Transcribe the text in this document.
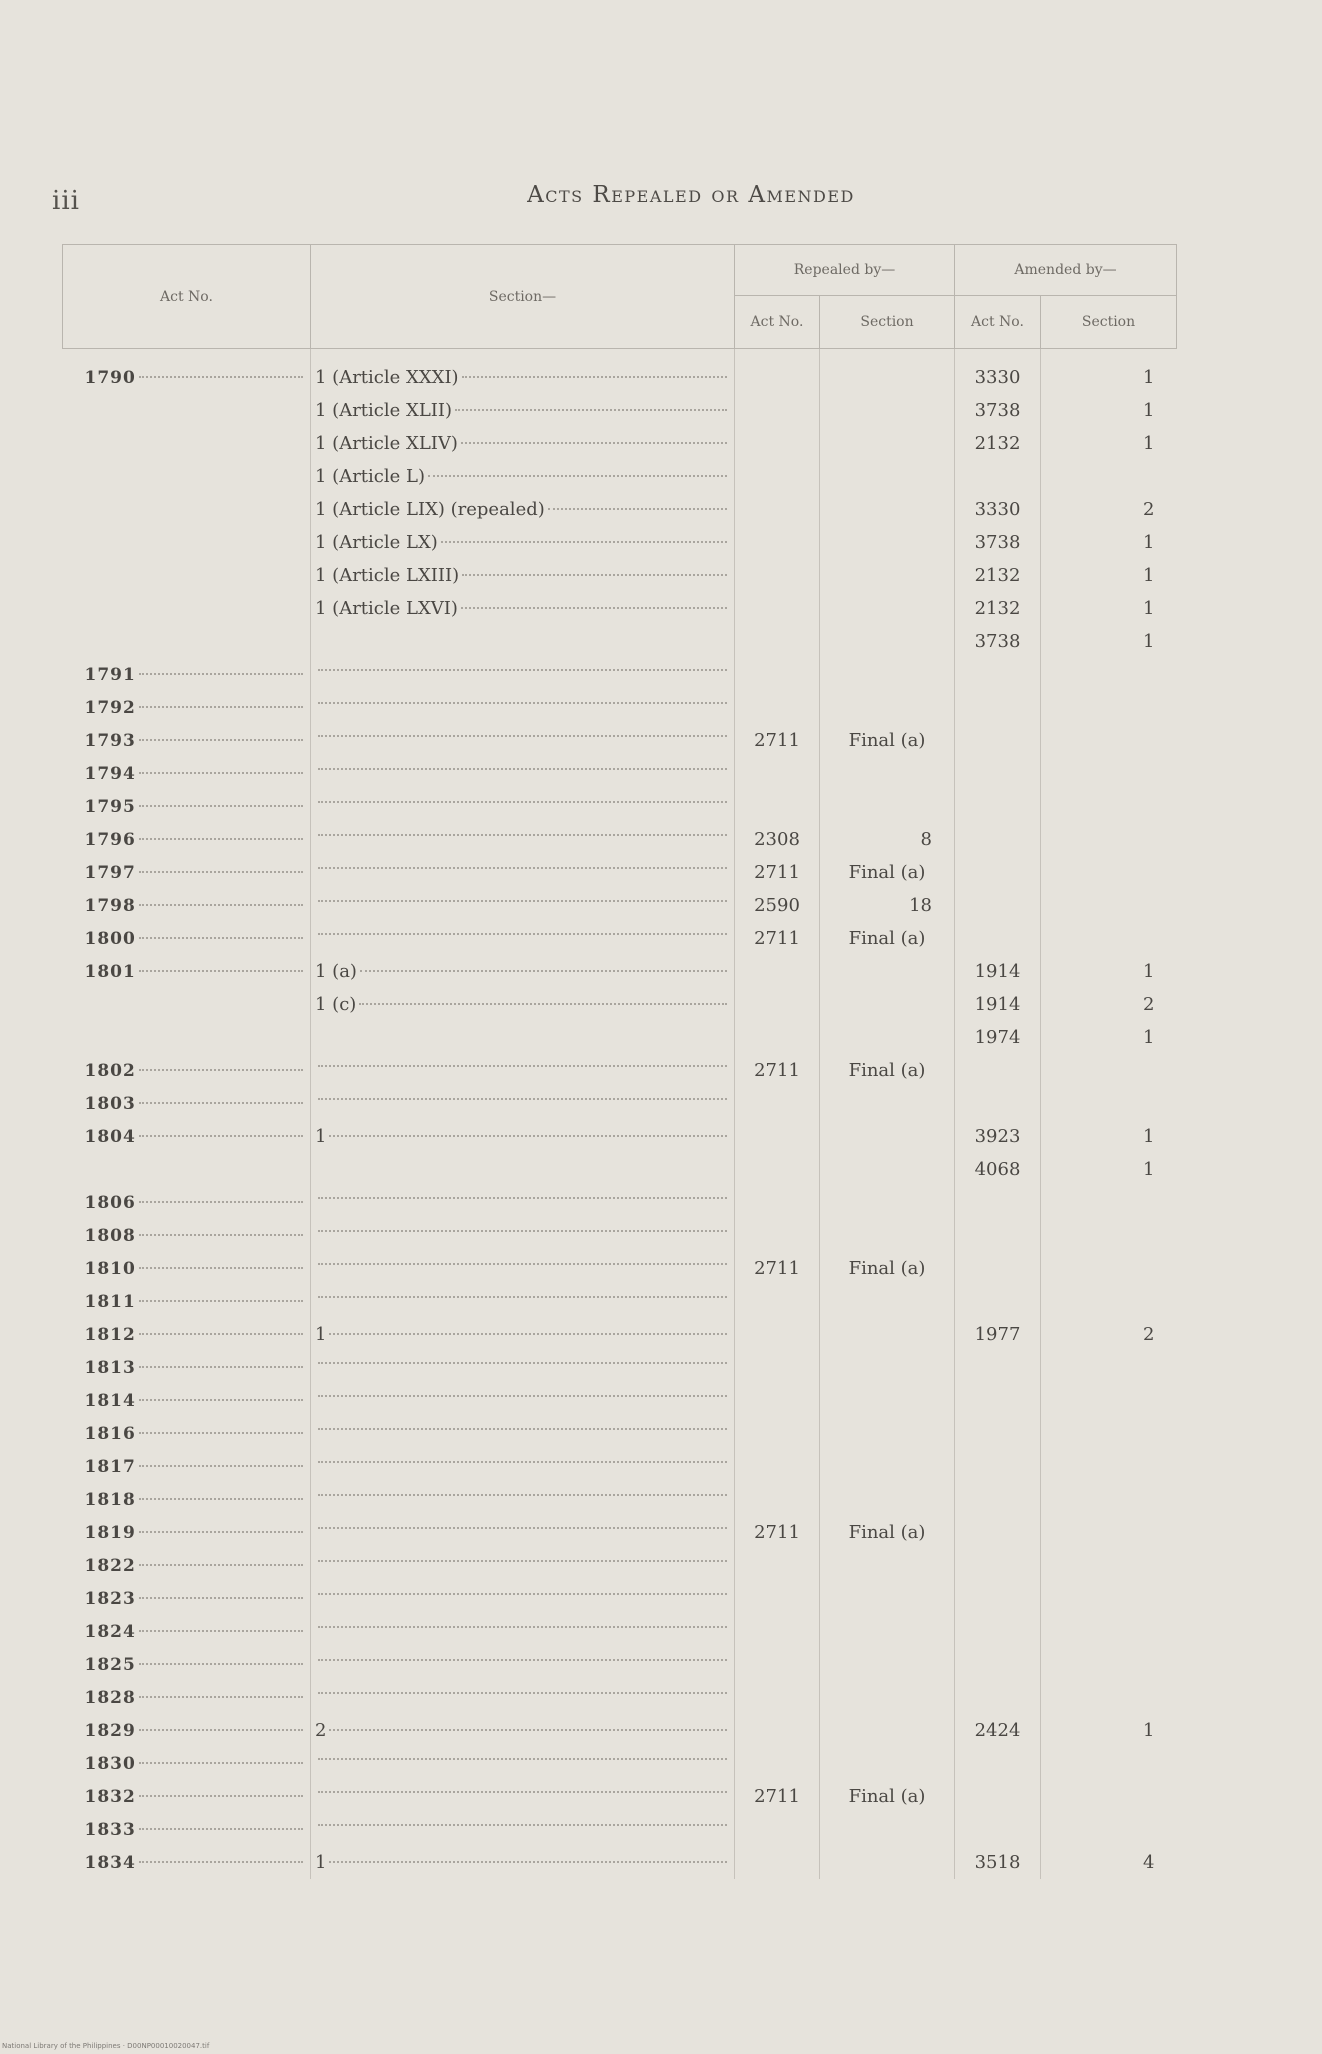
iii	Acts Repealed or Amended
Act No.	Section—	Repealed by—		Amended by—	
		Act No.	Section	Act No.	Section

1790	1 (Article XXXI)			3330	1

	1 (Article XLII)			3738	1

	1 (Article XLIV)			2132	1

	1 (Article L)				

	1 (Article LIX) (repealed)			3330	2

	1 (Article LX)			3738	1

	1 (Article LXIII)			2132	1

	1 (Article LXVI)			2132	1
				3738	1

1791					

1792					

1793		2711	Final (a)		

1794					

1795					

1796		2308	8		

1797		2711	Final (a)		

1798		2590	18		

1800		2711	Final (a)		

1801	1 (a)			1914	1

	1 (c)			1914	2
				1974	1

1802		2711	Final (a)		

1803					

1804	1			3923	1
				4068	1

1806					

1808					

1810		2711	Final (a)		

1811					

1812	1			1977	2

1813					

1814					

1816					

1817					

1818					

1819		2711	Final (a)		

1822					

1823					

1824					

1825					

1828					

1829	2			2424	1

1830					

1832		2711	Final (a)		

1833					

1834	1			3518	4
National Library of the Philippines · D00NP00010020047.tif
